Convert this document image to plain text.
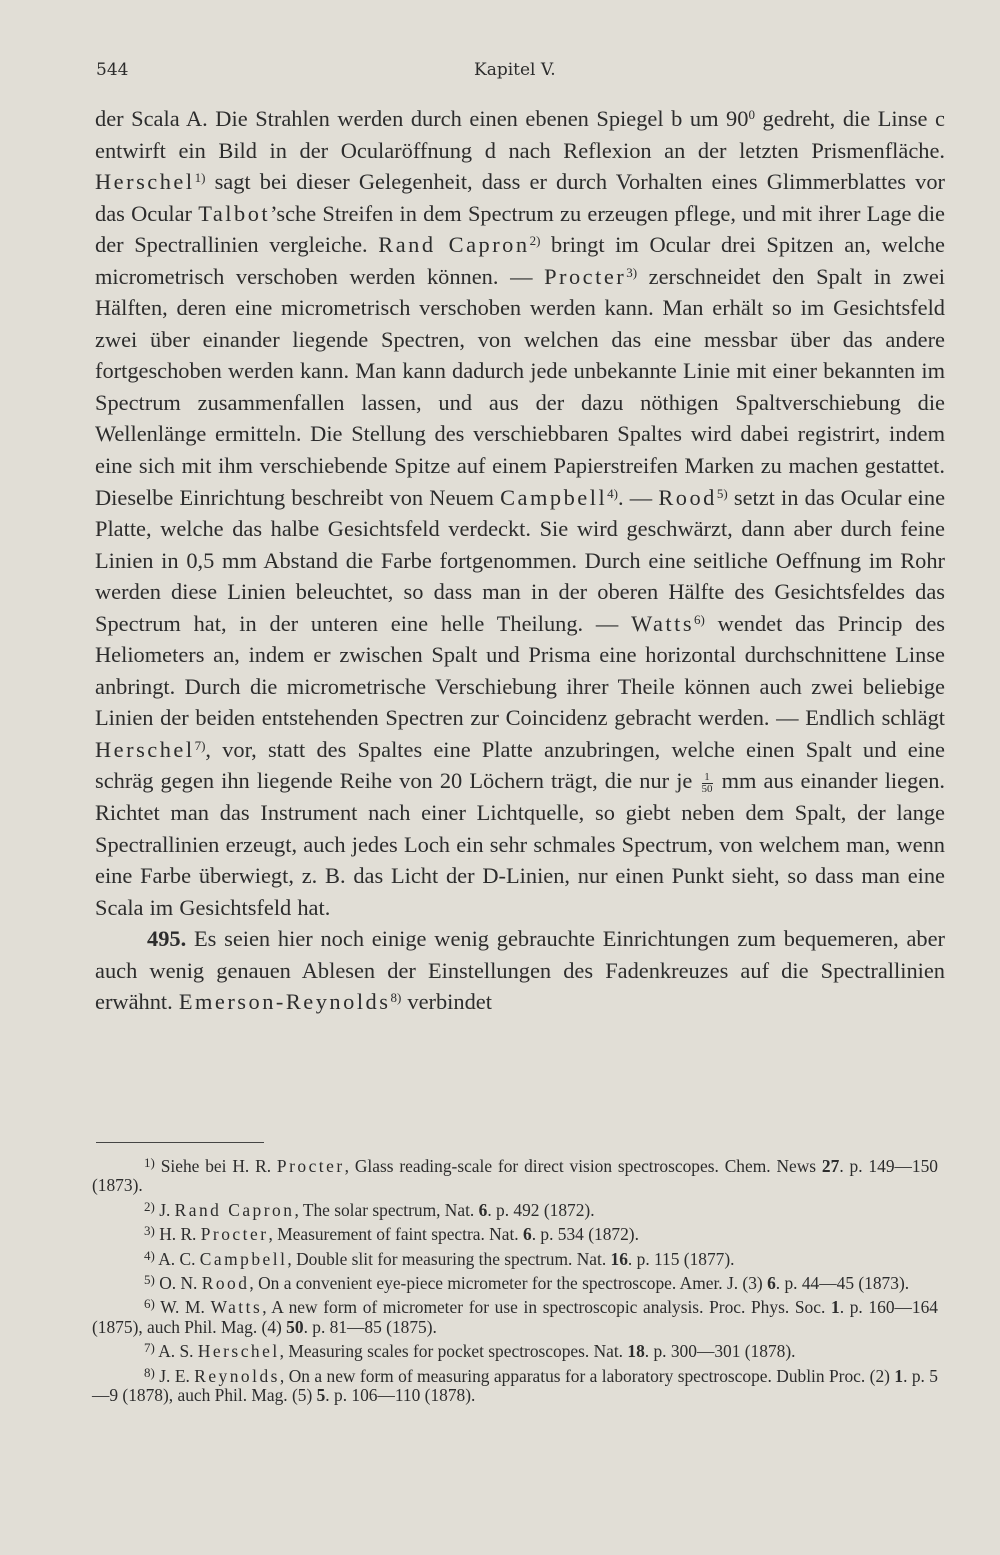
544	Kapitel V.

der Scala A. Die Strahlen werden durch einen ebenen Spiegel b um $90^0$ gedreht, die Linse c entwirft ein Bild in der Ocularöffnung d nach Reflexion an der letzten Prismenfläche. Herschel$^{1)}$ sagt bei dieser Gelegenheit, dass er durch Vorhalten eines Glimmerblattes vor das Ocular Talbot’sche Streifen in dem Spectrum zu erzeugen pflege, und mit ihrer Lage die der Spectrallinien vergleiche. Rand Capron$^{2)}$ bringt im Ocular drei Spitzen an, welche micrometrisch verschoben werden können. — Procter$^{3)}$ zerschneidet den Spalt in zwei Hälften, deren eine micrometrisch verschoben werden kann. Man erhält so im Gesichtsfeld zwei über einander liegende Spectren, von welchen das eine messbar über das andere fortgeschoben werden kann. Man kann dadurch jede unbekannte Linie mit einer bekannten im Spectrum zusammenfallen lassen, und aus der dazu nöthigen Spaltverschiebung die Wellenlänge ermitteln. Die Stellung des verschiebbaren Spaltes wird dabei registrirt, indem eine sich mit ihm verschiebende Spitze auf einem Papierstreifen Marken zu machen gestattet. Dieselbe Einrichtung beschreibt von Neuem Campbell$^{4)}$. — Rood$^{5)}$ setzt in das Ocular eine Platte, welche das halbe Gesichtsfeld verdeckt. Sie wird geschwärzt, dann aber durch feine Linien in 0,5 mm Abstand die Farbe fortgenommen. Durch eine seitliche Oeffnung im Rohr werden diese Linien beleuchtet, so dass man in der oberen Hälfte des Gesichtsfeldes das Spectrum hat, in der unteren eine helle Theilung. — Watts$^{6)}$ wendet das Princip des Heliometers an, indem er zwischen Spalt und Prisma eine horizontal durchschnittene Linse anbringt. Durch die micrometrische Verschiebung ihrer Theile können auch zwei beliebige Linien der beiden entstehenden Spectren zur Coincidenz gebracht werden. — Endlich schlägt Herschel$^{7)}$, vor, statt des Spaltes eine Platte anzubringen, welche einen Spalt und eine schräg gegen ihn liegende Reihe von 20 Löchern trägt, die nur je $\frac{1}{50}$ mm aus einander liegen. Richtet man das Instrument nach einer Lichtquelle, so giebt neben dem Spalt, der lange Spectrallinien erzeugt, auch jedes Loch ein sehr schmales Spectrum, von welchem man, wenn eine Farbe überwiegt, z. B. das Licht der D-Linien, nur einen Punkt sieht, so dass man eine Scala im Gesichtsfeld hat.

495. Es seien hier noch einige wenig gebrauchte Einrichtungen zum bequemeren, aber auch wenig genauen Ablesen der Einstellungen des Fadenkreuzes auf die Spectrallinien erwähnt. Emerson-Reynolds$^{8)}$ verbindet

$^{1)}$ Siehe bei H. R. Procter, Glass reading-scale for direct vision spectroscopes. Chem. News 27. p. 149—150 (1873).
$^{2)}$ J. Rand Capron, The solar spectrum, Nat. 6. p. 492 (1872).
$^{3)}$ H. R. Procter, Measurement of faint spectra. Nat. 6. p. 534 (1872).
$^{4)}$ A. C. Campbell, Double slit for measuring the spectrum. Nat. 16. p. 115 (1877).
$^{5)}$ O. N. Rood, On a convenient eye-piece micrometer for the spectroscope. Amer. J. (3) 6. p. 44—45 (1873).
$^{6)}$ W. M. Watts, A new form of micrometer for use in spectroscopic analysis. Proc. Phys. Soc. 1. p. 160—164 (1875), auch Phil. Mag. (4) 50. p. 81—85 (1875).
$^{7)}$ A. S. Herschel, Measuring scales for pocket spectroscopes. Nat. 18. p. 300—301 (1878).
$^{8)}$ J. E. Reynolds, On a new form of measuring apparatus for a laboratory spectroscope. Dublin Proc. (2) 1. p. 5—9 (1878), auch Phil. Mag. (5) 5. p. 106—110 (1878).
